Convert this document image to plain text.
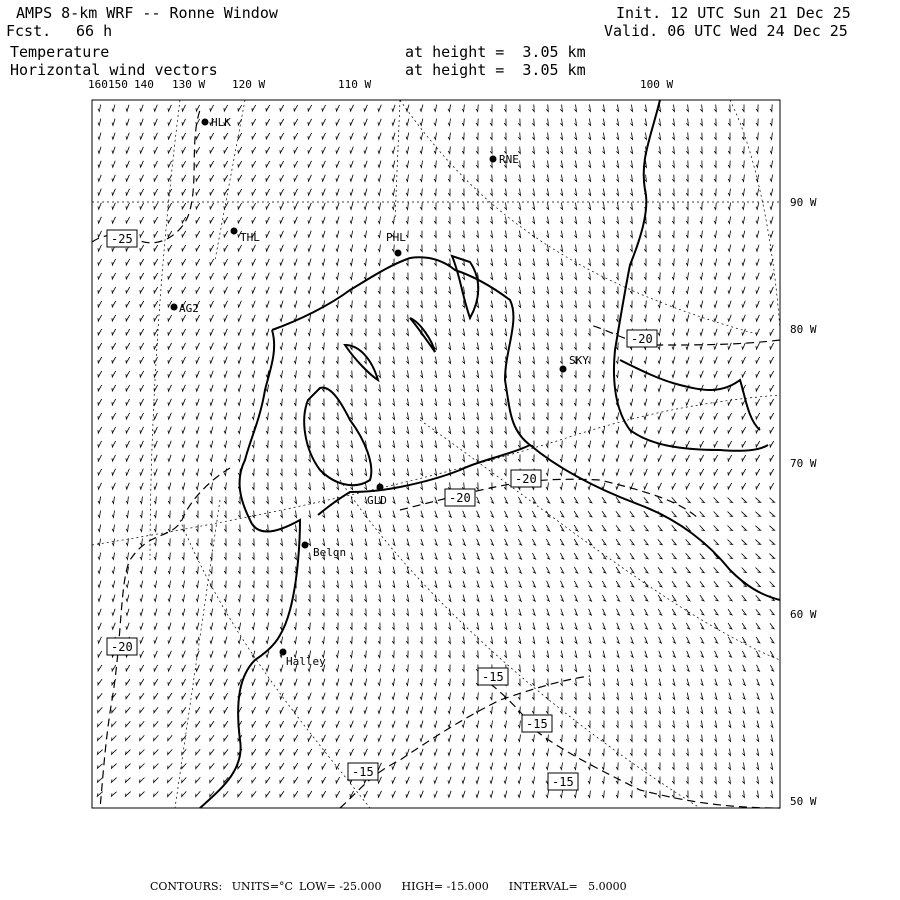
AMPS 8-km WRF -- Ronne Window
Fcst. 66 h
Temperature
Horizontal wind vectors
at height =  3.05 km
at height =  3.05 km
Init. 12 UTC Sun 21 Dec 25
Valid. 06 UTC Wed 24 Dec 25
160 150 140 130 W 120 W	110 W	100 W
90 W
80 W
70 W
60 W
50 W
HLK
RNE
THL	PHL
AG2
SKY
GLD
Belgn
Halley
-25
-20
-20
-20
-20
-15
-15
-15
-15
CONTOURS: UNITS=°C LOW= -25.000 HIGH= -15.000 INTERVAL=   5.0000
